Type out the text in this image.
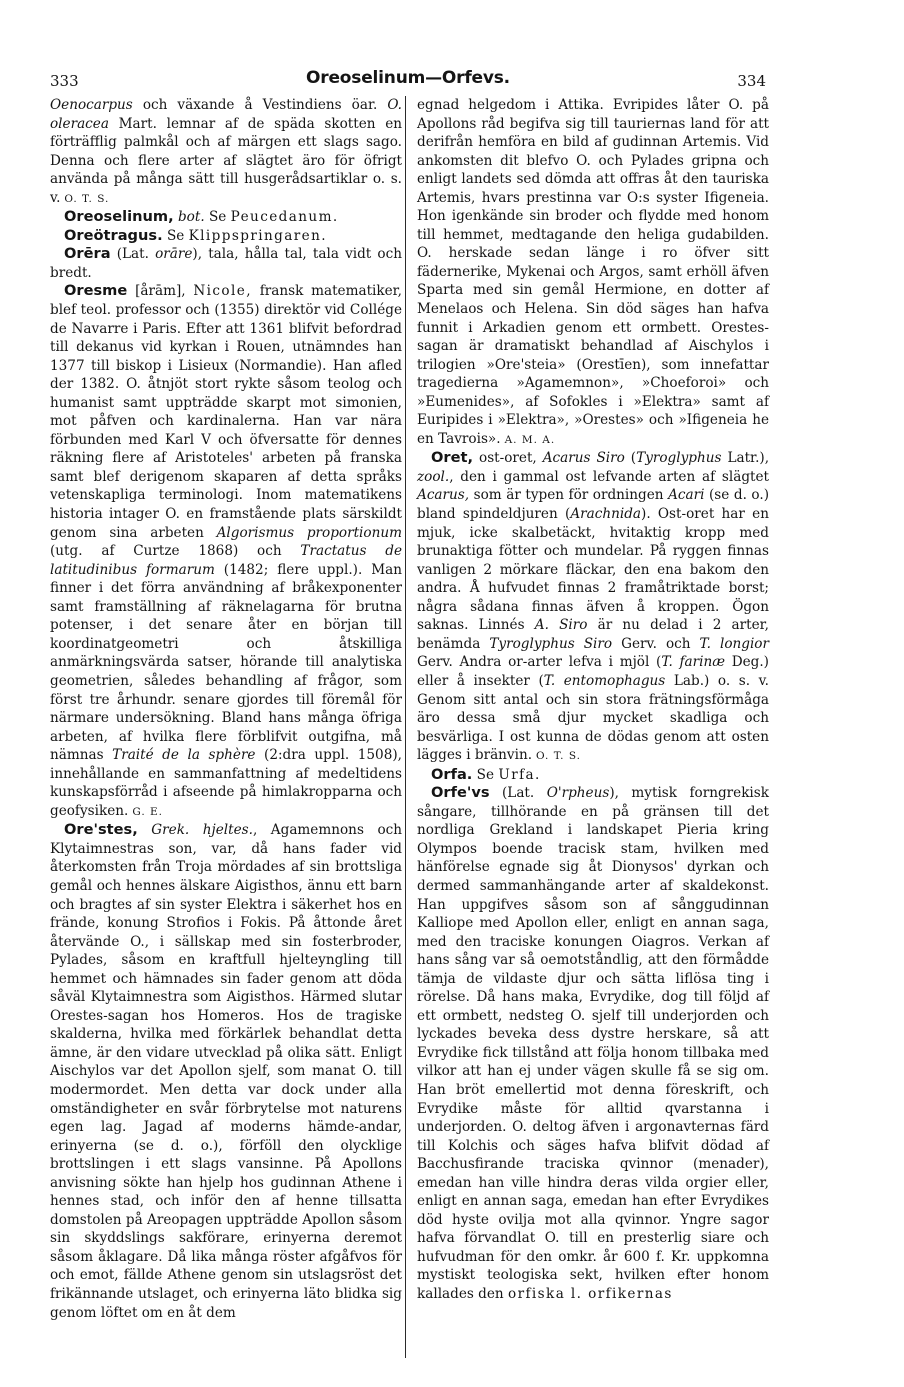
333	Oreoselinum—Orfevs.	334

Oenocarpus och växande å Vestindiens öar. O. oleracea Mart. lemnar af de späda skotten en förträfflig palmkål och af märgen ett slags sago. Denna och flere arter af slägtet äro för öfrigt använda på många sätt till husgerådsartiklar o. s. v. O. T. S.

Oreoselinum, bot. Se Peucedanum.

Oreötragus. Se Klippspringaren.

Orēra (Lat. orāre), tala, hålla tal, tala vidt och bredt.

Oresme [årām], Nicole, fransk matematiker, blef teol. professor och (1355) direktör vid Collége de Navarre i Paris. Efter att 1361 blifvit befordrad till dekanus vid kyrkan i Rouen, utnämndes han 1377 till biskop i Lisieux (Normandie). Han afled der 1382. O. åtnjöt stort rykte såsom teolog och humanist samt uppträdde skarpt mot simonien, mot påfven och kardinalerna. Han var nära förbunden med Karl V och öfversatte för dennes räkning flere af Aristoteles' arbeten på franska samt blef derigenom skaparen af detta språks vetenskapliga terminologi. Inom matematikens historia intager O. en framstående plats särskildt genom sina arbeten Algorismus proportionum (utg. af Curtze 1868) och Tractatus de latitudinibus formarum (1482; flere uppl.). Man finner i det förra användning af bråkexponenter samt framställning af räknelagarna för brutna potenser, i det senare åter en början till koordinatgeometri och åtskilliga anmärkningsvärda satser, hörande till analytiska geometrien, således behandling af frågor, som först tre århundr. senare gjordes till föremål för närmare undersökning. Bland hans många öfriga arbeten, af hvilka flere förblifvit outgifna, må nämnas Traité de la sphère (2:dra uppl. 1508), innehållande en sammanfattning af medeltidens kunskapsförråd i afseende på himlakropparna och geofysiken. G. E.

Ore'stes, Grek. hjeltes., Agamemnons och Klytaimnestras son, var, då hans fader vid återkomsten från Troja mördades af sin brottsliga gemål och hennes älskare Aigisthos, ännu ett barn och bragtes af sin syster Elektra i säkerhet hos en frände, konung Strofios i Fokis. På åttonde året återvände O., i sällskap med sin fosterbroder, Pylades, såsom en kraftfull hjelteyngling till hemmet och hämnades sin fader genom att döda såväl Klytaimnestra som Aigisthos. Härmed slutar Orestes-sagan hos Homeros. Hos de tragiske skalderna, hvilka med förkärlek behandlat detta ämne, är den vidare utvecklad på olika sätt. Enligt Aischylos var det Apollon sjelf, som manat O. till modermordet. Men detta var dock under alla omständigheter en svår förbrytelse mot naturens egen lag. Jagad af moderns hämde-andar, erinyerna (se d. o.), förföll den olycklige brottslingen i ett slags vansinne. På Apollons anvisning sökte han hjelp hos gudinnan Athene i hennes stad, och inför den af henne tillsatta domstolen på Areopagen uppträdde Apollon såsom sin skyddslings sakförare, erinyerna deremot såsom åklagare. Då lika många röster afgåfvos för och emot, fällde Athene genom sin utslagsröst det frikännande utslaget, och erinyerna läto blidka sig genom löftet om en åt dem

egnad helgedom i Attika. Evripides låter O. på Apollons råd begifva sig till tauriernas land för att derifrån hemföra en bild af gudinnan Artemis. Vid ankomsten dit blefvo O. och Pylades gripna och enligt landets sed dömda att offras åt den tauriska Artemis, hvars prestinna var O:s syster Ifigeneia. Hon igenkände sin broder och flydde med honom till hemmet, medtagande den heliga gudabilden. O. herskade sedan länge i ro öfver sitt fädernerike, Mykenai och Argos, samt erhöll äfven Sparta med sin gemål Hermione, en dotter af Menelaos och Helena. Sin död säges han hafva funnit i Arkadien genom ett ormbett. Orestes-sagan är dramatiskt behandlad af Aischylos i trilogien »Ore'steia» (Orestīen), som innefattar tragedierna »Agamemnon», »Choeforoi» och »Eumenides», af Sofokles i »Elektra» samt af Euripides i »Elektra», »Orestes» och »Ifigeneia he en Tavrois». A. M. A.

Oret, ost-oret, Acarus Siro (Tyroglyphus Latr.), zool., den i gammal ost lefvande arten af slägtet Acarus, som är typen för ordningen Acari (se d. o.) bland spindeldjuren (Arachnida). Ost-oret har en mjuk, icke skalbetäckt, hvitaktig kropp med brunaktiga fötter och mundelar. På ryggen finnas vanligen 2 mörkare fläckar, den ena bakom den andra. Å hufvudet finnas 2 framåtriktade borst; några sådana finnas äfven å kroppen. Ögon saknas. Linnés A. Siro är nu delad i 2 arter, benämda Tyroglyphus Siro Gerv. och T. longior Gerv. Andra or-arter lefva i mjöl (T. farinæ Deg.) eller å insekter (T. entomophagus Lab.) o. s. v. Genom sitt antal och sin stora frätningsförmåga äro dessa små djur mycket skadliga och besvärliga. I ost kunna de dödas genom att osten lägges i bränvin. O. T. S.

Orfa. Se Urfa.

Orfe'vs (Lat. O'rpheus), mytisk forngrekisk sångare, tillhörande en på gränsen till det nordliga Grekland i landskapet Pieria kring Olympos boende tracisk stam, hvilken med hänförelse egnade sig åt Dionysos' dyrkan och dermed sammanhängande arter af skaldekonst. Han uppgifves såsom son af sånggudinnan Kalliope med Apollon eller, enligt en annan saga, med den traciske konungen Oiagros. Verkan af hans sång var så oemotståndlig, att den förmådde tämja de vildaste djur och sätta liflösa ting i rörelse. Då hans maka, Evrydike, dog till följd af ett ormbett, nedsteg O. sjelf till underjorden och lyckades beveka dess dystre herskare, så att Evrydike fick tillstånd att följa honom tillbaka med vilkor att han ej under vägen skulle få se sig om. Han bröt emellertid mot denna föreskrift, och Evrydike måste för alltid qvarstanna i underjorden. O. deltog äfven i argonavternas färd till Kolchis och säges hafva blifvit dödad af Bacchusfirande traciska qvinnor (menader), emedan han ville hindra deras vilda orgier eller, enligt en annan saga, emedan han efter Evrydikes död hyste ovilja mot alla qvinnor. Yngre sagor hafva förvandlat O. till en presterlig siare och hufvudman för den omkr. år 600 f. Kr. uppkomna mystiskt teologiska sekt, hvilken efter honom kallades den orfiska l. orfikernas
